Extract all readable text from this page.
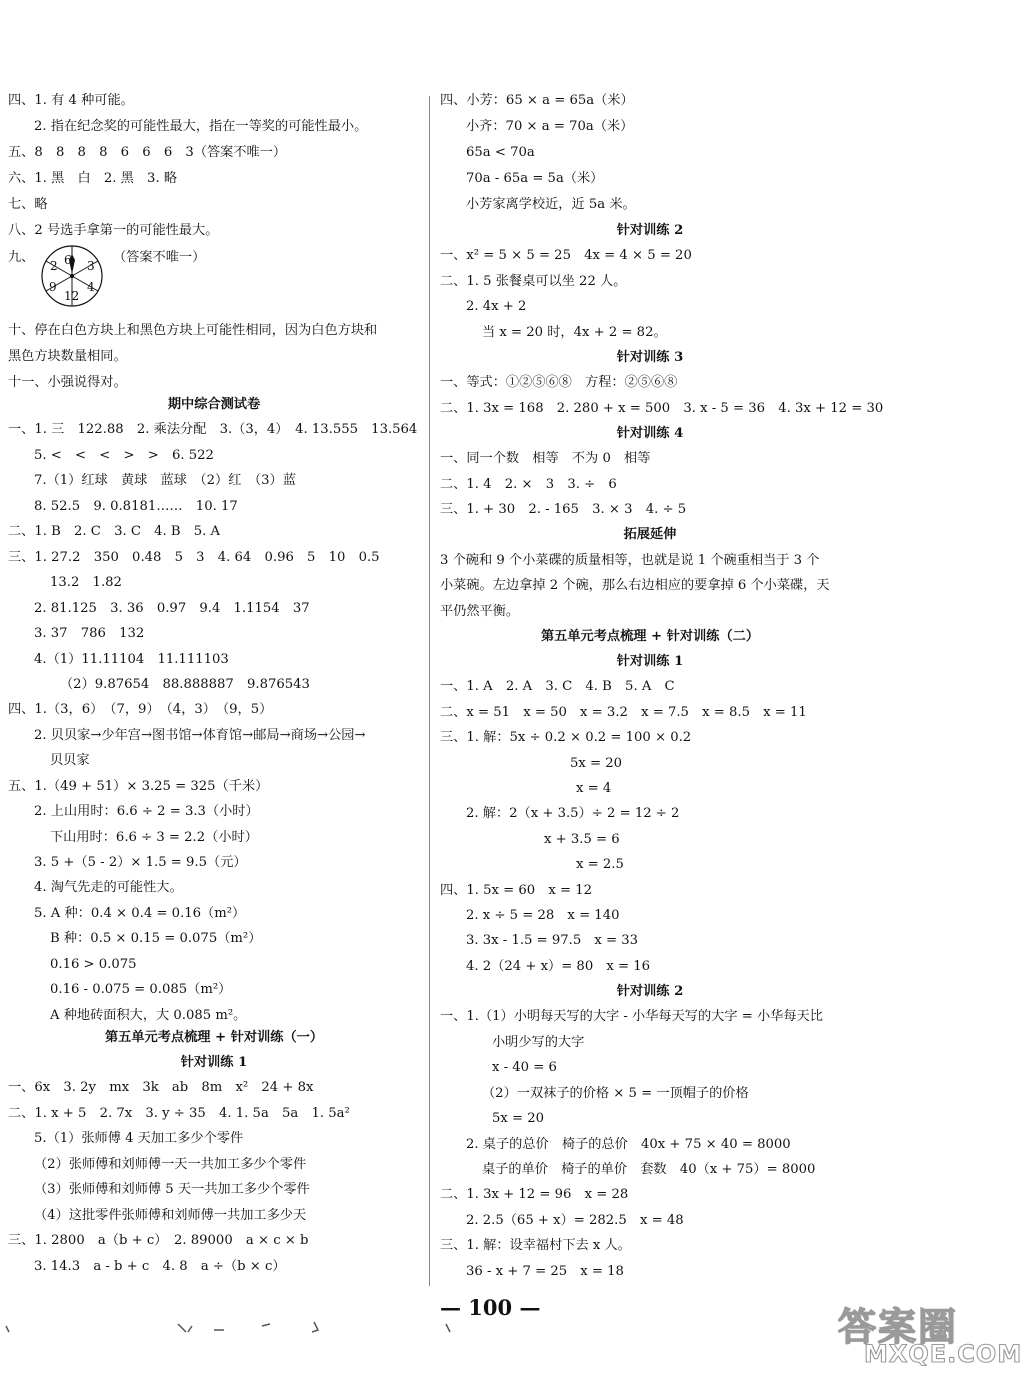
四、1. 有 4 种可能。
2. 指在纪念奖的可能性最大，指在一等奖的可能性最小。
五、8　8　8　8　6　6　6　3（答案不唯一）
六、1. 黑　白　2. 黑　3. 略
七、略
八、2 号选手拿第一的可能性最大。
九、 6 3
4
12
9
2
（答案不唯一）
十、停在白色方块上和黑色方块上可能性相同，因为白色方块和
黑色方块数量相同。
十一、小强说得对。
期中综合测试卷
一、1. 三　122.88　2. 乘法分配　3.（3，4）　4. 13.555　13.564
5. <　<　<　>　>　6. 522
7.（1）红球　黄球　蓝球　（2）红　（3）蓝
8. 52.5　9. 0.8181……　10. 17
二、1. B　2. C　3. C　4. B　5. A
三、1. 27.2　350　0.48　5　3　4. 64　0.96　5　10　0.5
13.2　1.82
2. 81.125　3. 36　0.97　9.4　1.1154　37
3. 37　786　132
4.（1）11.11104　11.111103
（2）9.87654　88.888887　9.876543
四、1.（3，6）　（7，9）　（4，3）　（9，5）
2. 贝贝家→少年宫→图书馆→体育馆→邮局→商场→公园→
贝贝家
五、1.（49 + 51）× 3.25 = 325（千米）
2. 上山用时：6.6 ÷ 2 = 3.3（小时）
下山用时：6.6 ÷ 3 = 2.2（小时）
3. 5 +（5 - 2）× 1.5 = 9.5（元）
4. 淘气先走的可能性大。
5. A 种：0.4 × 0.4 = 0.16（m²）
B 种：0.5 × 0.15 = 0.075（m²）
0.16 > 0.075
0.16 - 0.075 = 0.085（m²）
A 种地砖面积大，大 0.085 m²。
第五单元考点梳理 + 针对训练（一）
针对训练 1
一、6x　3. 2y　mx　3k　ab　8m　x²　24 + 8x
二、1. x + 5　2. 7x　3. y ÷ 35　4. 1. 5a　5a　1. 5a²
5.（1）张师傅 4 天加工多少个零件
（2）张师傅和刘师傅一天一共加工多少个零件
（3）张师傅和刘师傅 5 天一共加工多少个零件
（4）这批零件张师傅和刘师傅一共加工多少天
三、1. 2800　a（b + c）　2. 89000　a × c × b
3. 14.3　a - b + c　4. 8　a ÷（b × c）
四、小芳：65 × a = 65a（米）
小齐：70 × a = 70a（米）
65a < 70a
70a - 65a = 5a（米）
小芳家离学校近，近 5a 米。
针对训练 2
一、x² = 5 × 5 = 25　4x = 4 × 5 = 20
二、1. 5 张餐桌可以坐 22 人。
2. 4x + 2
当 x = 20 时，4x + 2 = 82。
针对训练 3
一、等式：①②⑤⑥⑧　方程：②⑤⑥⑧
二、1. 3x = 168　2. 280 + x = 500　3. x - 5 = 36　4. 3x + 12 = 30
针对训练 4
一、同一个数　相等　不为 0　相等
二、1. 4　2. ×　3　3. ÷　6
三、1. + 30　2. - 165　3. × 3　4. ÷ 5
拓展延伸
3 个碗和 9 个小菜碟的质量相等，也就是说 1 个碗重相当于 3 个
小菜碗。左边拿掉 2 个碗，那么右边相应的要拿掉 6 个小菜碟，天
平仍然平衡。
第五单元考点梳理 + 针对训练（二）
针对训练 1
一、1. A　2. A　3. C　4. B　5. A　C
二、x = 51　x = 50　x = 3.2　x = 7.5　x = 8.5　x = 11
三、1. 解：5x ÷ 0.2 × 0.2 = 100 × 0.2
5x = 20
x = 4
2. 解：2（x + 3.5）÷ 2 = 12 ÷ 2
x + 3.5 = 6
x = 2.5
四、1. 5x = 60　x = 12
2. x ÷ 5 = 28　x = 140
3. 3x - 1.5 = 97.5　x = 33
4. 2（24 + x）= 80　x = 16
针对训练 2
一、1.（1）小明每天写的大字 - 小华每天写的大字 = 小华每天比
小明少写的大字
x - 40 = 6
（2）一双袜子的价格 × 5 = 一顶帽子的价格
5x = 20
2. 桌子的总价　椅子的总价　40x + 75 × 40 = 8000
桌子的单价　椅子的单价　套数　40（x + 75）= 8000
二、1. 3x + 12 = 96　x = 28
2. 2.5（65 + x）= 282.5　x = 48
三、1. 解：设幸福村下去 x 人。
36 - x + 7 = 25　x = 18
— 100 —	答案圈
MXQE.COM
